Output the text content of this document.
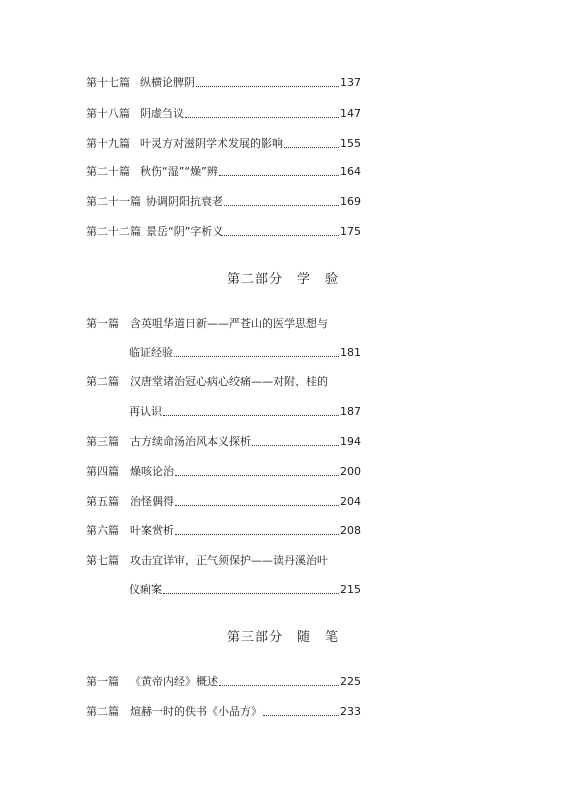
第十七篇 纵横论脾阴	137
第十八篇 阴虚刍议	147
第十九篇 叶灵方对滋阴学术发展的影响	155
第二十篇 秋伤“湿”“燥”辨	164
第二十一篇 协调阴阳抗衰老	169
第二十二篇 景岳“阴”字析义	175
第二部分　学　验
第一篇	含英咀华道日新——严苍山的医学思想与
临证经验	181
第二篇	汉唐堂诸治冠心病心绞痛——对附、桂的
再认识	187
第三篇	古方续命汤治风本义探析	194
第四篇	燥咳论治	200
第五篇	治怪偶得	204
第六篇	叶案赏析	208
第七篇	攻击宜详审，正气须保护——读丹溪治叶
仪痢案	215
第三部分　随　笔
第一篇	《黄帝内经》概述	225
第二篇	煊赫一时的佚书《小品方》	233
